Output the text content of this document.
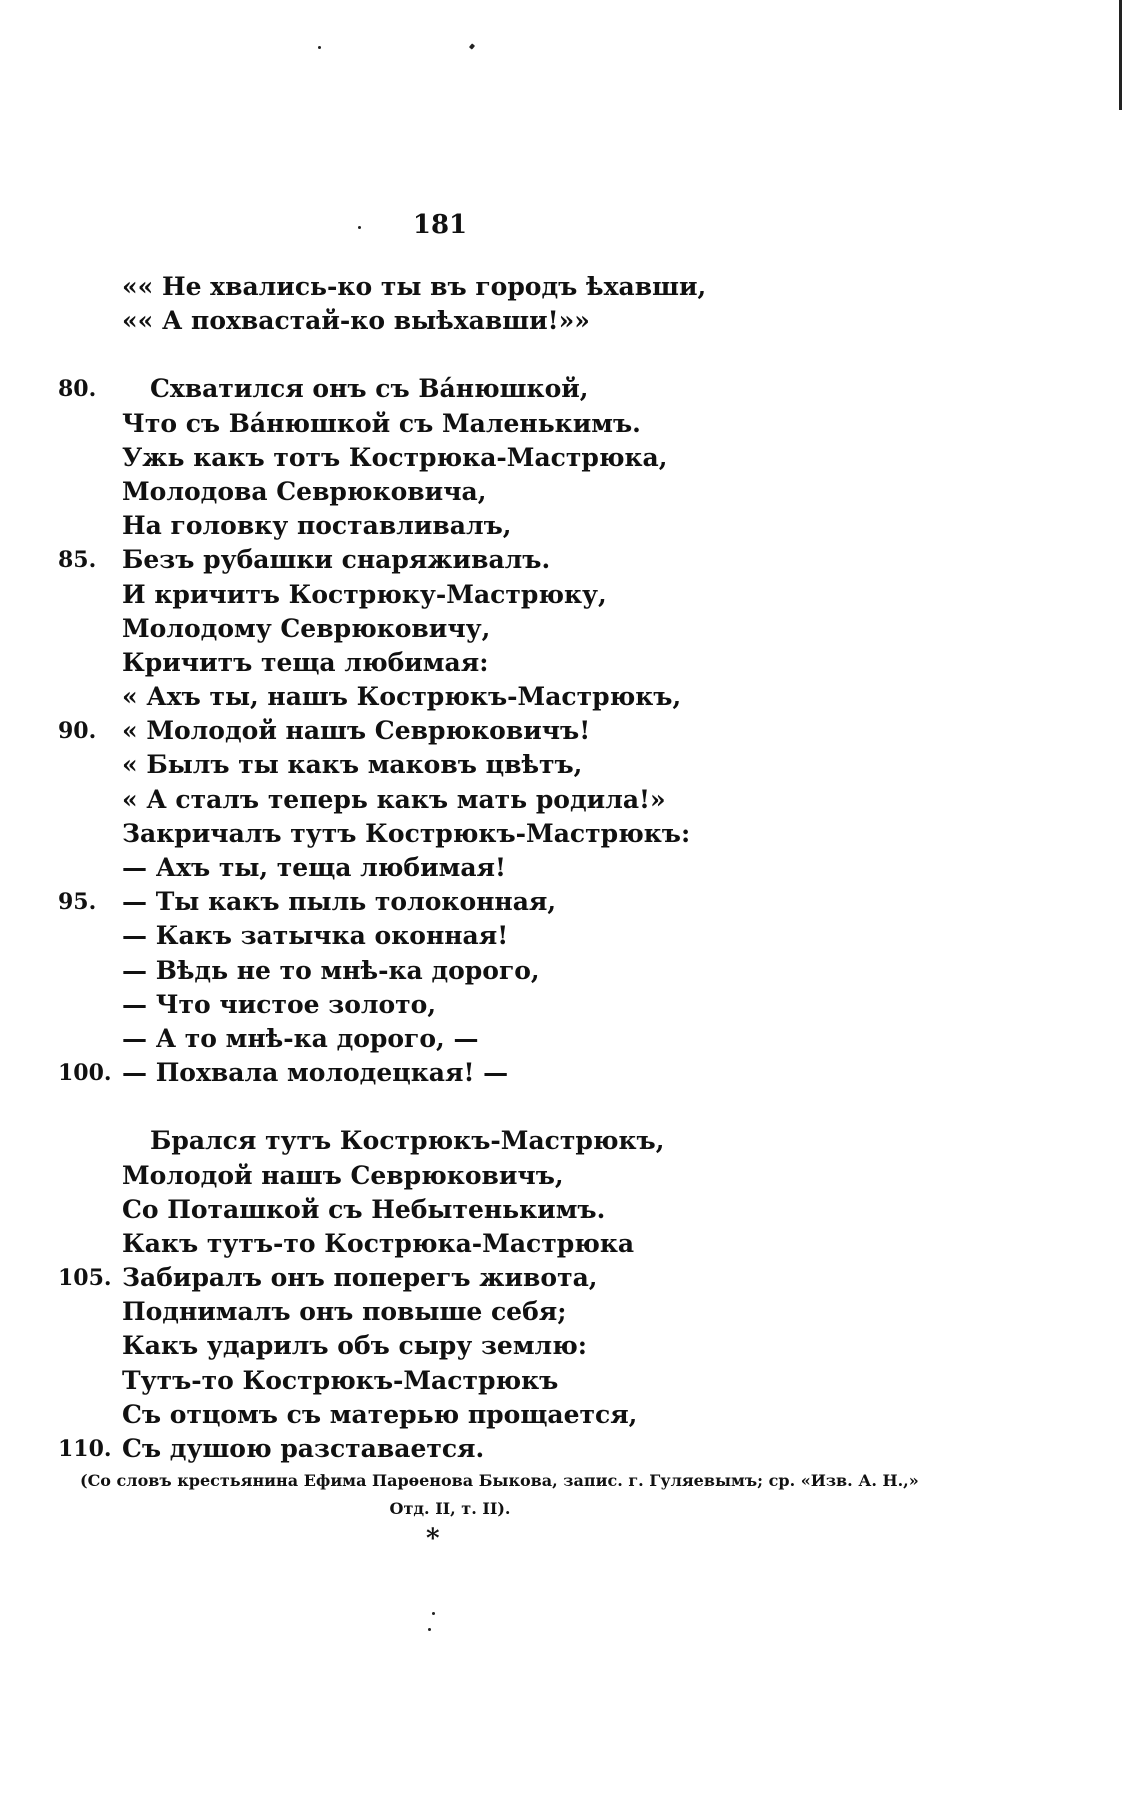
181
«« Не хвались-ко ты въ городъ ѣхавши,
«« А похвастай-ко выѣхавши!»»
80.	Схватился онъ съ Ва́нюшкой,
Что съ Ва́нюшкой съ Маленькимъ.
Ужь какъ тотъ Кострюка-Мастрюка,
Молодова Севрюковича,
На головку поставливалъ,
85.	Безъ рубашки снаряживалъ.
И кричитъ Кострюку-Мастрюку,
Молодому Севрюковичу,
Кричитъ теща любимая:
« Ахъ ты, нашъ Кострюкъ-Мастрюкъ,
90.	« Молодой нашъ Севрюковичъ!
« Былъ ты какъ маковъ цвѣтъ,
« А сталъ теперь какъ мать родила!»
Закричалъ тутъ Кострюкъ-Мастрюкъ:
— Ахъ ты, теща любимая!
95.	— Ты какъ пыль толоконная,
— Какъ затычка оконная!
— Вѣдь не то мнѣ-ка дорого,
— Что чистое золото,
— А то мнѣ-ка дорого, —
100. — Похвала молодецкая! —
Брался тутъ Кострюкъ-Мастрюкъ,
Молодой нашъ Севрюковичъ,
Со Поташкой съ Небытенькимъ.
Какъ тутъ-то Кострюка-Мастрюка
105. Забиралъ онъ поперегъ живота,
Поднималъ онъ повыше себя;
Какъ ударилъ объ сыру землю:
Тутъ-то Кострюкъ-Мастрюкъ
Съ отцомъ съ матерью прощается,
110. Съ душою разставается.
(Со словъ крестьянина Ефима Парѳенова Быкова, запис. г. Гуляевымъ; ср. «Изв. А. Н.,»
Отд. II, т. II).
*
